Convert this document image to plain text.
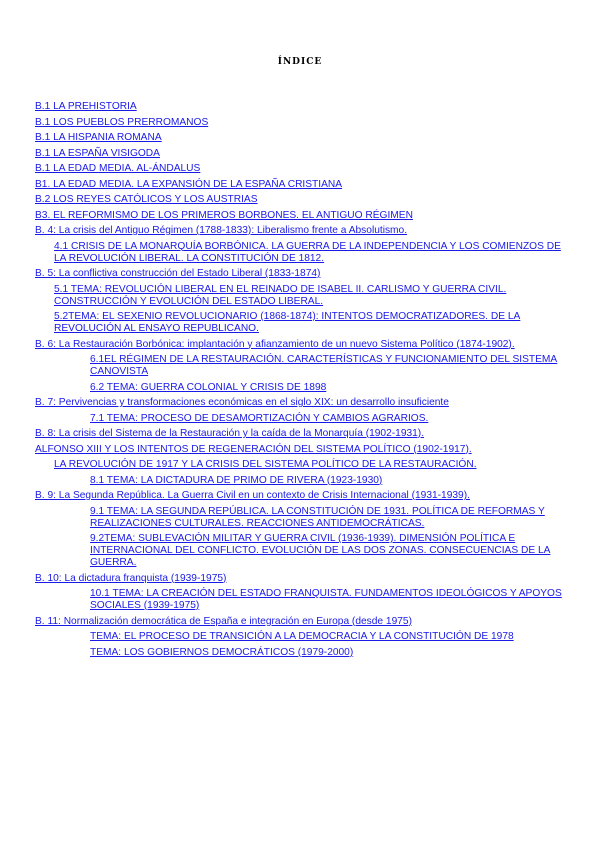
ÍNDICE
B.1 LA PREHISTORIA
B.1 LOS PUEBLOS PRERROMANOS
B.1 LA HISPANIA ROMANA
B.1 LA ESPAÑA VISIGODA
B.1 LA EDAD MEDIA. AL-ÁNDALUS
B1. LA EDAD MEDIA. LA EXPANSIÓN DE LA ESPAÑA CRISTIANA
B.2 LOS REYES CATÓLICOS Y LOS AUSTRIAS
B3. EL REFORMISMO DE LOS PRIMEROS BORBONES. EL ANTIGUO RÉGIMEN
B. 4: La crisis del Antiguo Régimen (1788-1833): Liberalismo frente a Absolutismo.
4.1 CRISIS DE LA MONARQUÍA BORBÓNICA. LA GUERRA DE LA INDEPENDENCIA Y LOS COMIENZOS DE LA REVOLUCIÓN LIBERAL. LA CONSTITUCIÓN DE 1812.
B. 5: La conflictiva construcción del Estado Liberal (1833-1874)
5.1 TEMA: REVOLUCIÓN LIBERAL EN EL REINADO DE ISABEL II. CARLISMO Y GUERRA CIVIL. CONSTRUCCIÓN Y EVOLUCIÓN DEL ESTADO LIBERAL.
5.2TEMA: EL SEXENIO REVOLUCIONARIO (1868-1874): INTENTOS DEMOCRATIZADORES. DE LA REVOLUCIÓN AL ENSAYO REPUBLICANO.
B. 6: La Restauración Borbónica: implantación y afianzamiento de un nuevo Sistema Político (1874-1902).
6.1EL RÉGIMEN DE LA RESTAURACIÓN. CARACTERÍSTICAS Y FUNCIONAMIENTO DEL SISTEMA CANOVISTA
6.2 TEMA: GUERRA COLONIAL Y CRISIS DE 1898
B. 7: Pervivencias y transformaciones económicas en el siglo XIX: un desarrollo insuficiente
7.1 TEMA: PROCESO DE DESAMORTIZACIÓN Y CAMBIOS AGRARIOS.
B. 8: La crisis del Sistema de la Restauración y la caída de la Monarquía (1902-1931).
ALFONSO XIII Y LOS INTENTOS DE REGENERACIÓN DEL SISTEMA POLÍTICO (1902-1917).
LA REVOLUCIÓN DE 1917 Y LA CRISIS DEL SISTEMA POLÍTICO DE LA RESTAURACIÓN.
8.1 TEMA: LA DICTADURA DE PRIMO DE RIVERA (1923-1930)
B. 9: La Segunda República. La Guerra Civil en un contexto de Crisis Internacional (1931-1939).
9.1 TEMA: LA SEGUNDA REPÚBLICA. LA CONSTITUCIÓN DE 1931. POLÍTICA DE REFORMAS Y REALIZACIONES CULTURALES. REACCIONES ANTIDEMOCRÁTICAS.
9.2TEMA: SUBLEVACIÓN MILITAR Y GUERRA CIVIL (1936-1939). DIMENSIÓN POLÍTICA E INTERNACIONAL DEL CONFLICTO. EVOLUCIÓN DE LAS DOS ZONAS. CONSECUENCIAS DE LA GUERRA.
B. 10: La dictadura franquista (1939-1975)
10.1 TEMA: LA CREACIÓN DEL ESTADO FRANQUISTA. FUNDAMENTOS IDEOLÓGICOS Y APOYOS SOCIALES (1939-1975)
B. 11: Normalización democrática de España e integración en Europa (desde 1975)
TEMA: EL PROCESO DE TRANSICIÓN A LA DEMOCRACIA Y LA CONSTITUCIÓN DE 1978
TEMA: LOS GOBIERNOS DEMOCRÁTICOS (1979-2000)
